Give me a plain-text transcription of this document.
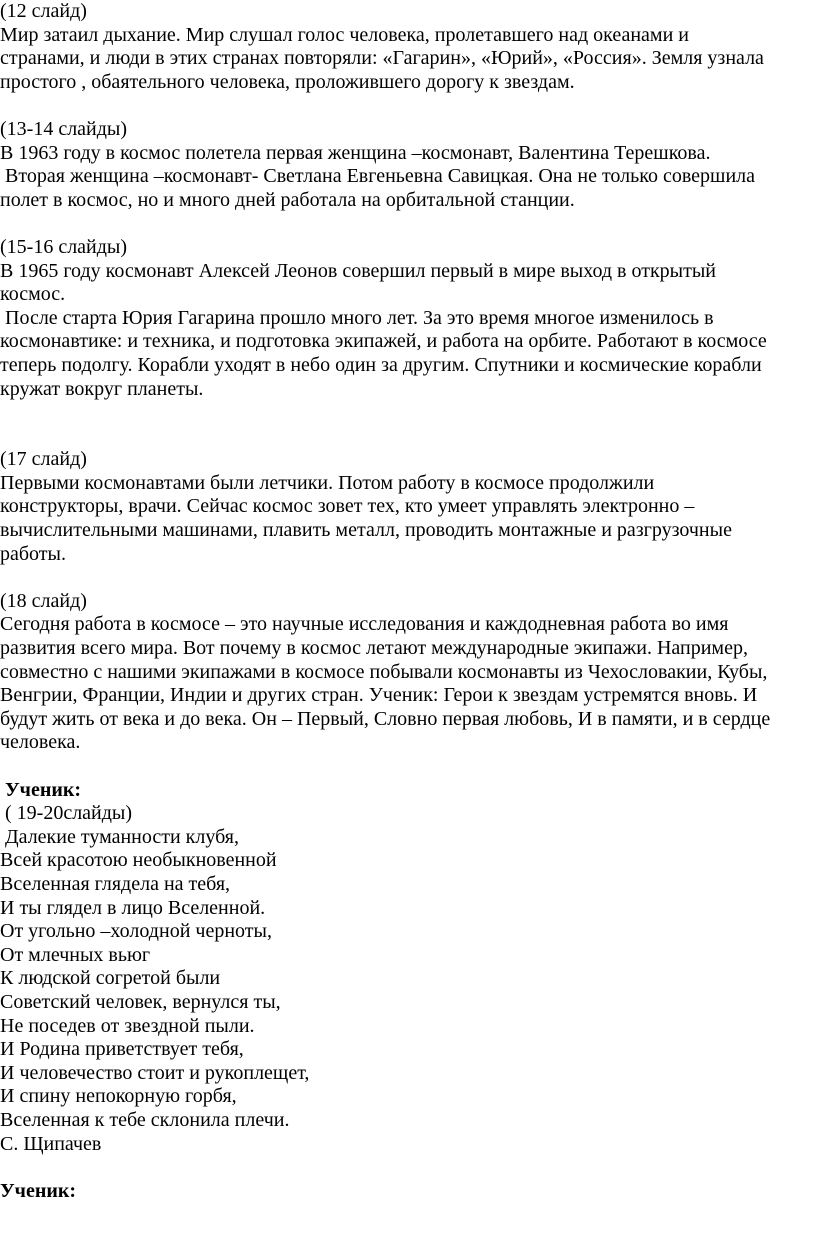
(12 слайд)
Мир затаил дыхание. Мир слушал голос человека, пролетавшего над океанами и
странами, и люди в этих странах повторяли: «Гагарин», «Юрий», «Россия». Земля узнала
простого , обаятельного человека, проложившего дорогу к звездам.
(13-14 слайды)
В 1963 году в космос полетела первая женщина –космонавт, Валентина Терешкова.
Вторая женщина –космонавт- Светлана Евгеньевна Савицкая. Она не только совершила
полет в космос, но и много дней работала на орбитальной станции.
(15-16 слайды)
В 1965 году космонавт Алексей Леонов совершил первый в мире выход в открытый
космос.
После старта Юрия Гагарина прошло много лет. За это время многое изменилось в
космонавтике: и техника, и подготовка экипажей, и работа на орбите. Работают в космосе
теперь подолгу. Корабли уходят в небо один за другим. Спутники и космические корабли
кружат вокруг планеты.
(17 слайд)
Первыми космонавтами были летчики. Потом работу в космосе продолжили
конструкторы, врачи. Сейчас космос зовет тех, кто умеет управлять электронно –
вычислительными машинами, плавить металл, проводить монтажные и разгрузочные
работы.
(18 слайд)
Сегодня работа в космосе – это научные исследования и каждодневная работа во имя
развития всего мира. Вот почему в космос летают международные экипажи. Например,
совместно с нашими экипажами в космосе побывали космонавты из Чехословакии, Кубы,
Венгрии, Франции, Индии и других стран. Ученик: Герои к звездам устремятся вновь. И
будут жить от века и до века. Он – Первый, Словно первая любовь, И в памяти, и в сердце
человека.
Ученик:
( 19-20слайды)
Далекие туманности клубя,
Всей красотою необыкновенной
Вселенная глядела на тебя,
И ты глядел в лицо Вселенной.
От угольно –холодной черноты,
От млечных вьюг
К людской согретой были
Советский человек, вернулся ты,
Не поседев от звездной пыли.
И Родина приветствует тебя,
И человечество стоит и рукоплещет,
И спину непокорную горбя,
Вселенная к тебе склонила плечи.
С. Щипачев
Ученик:
